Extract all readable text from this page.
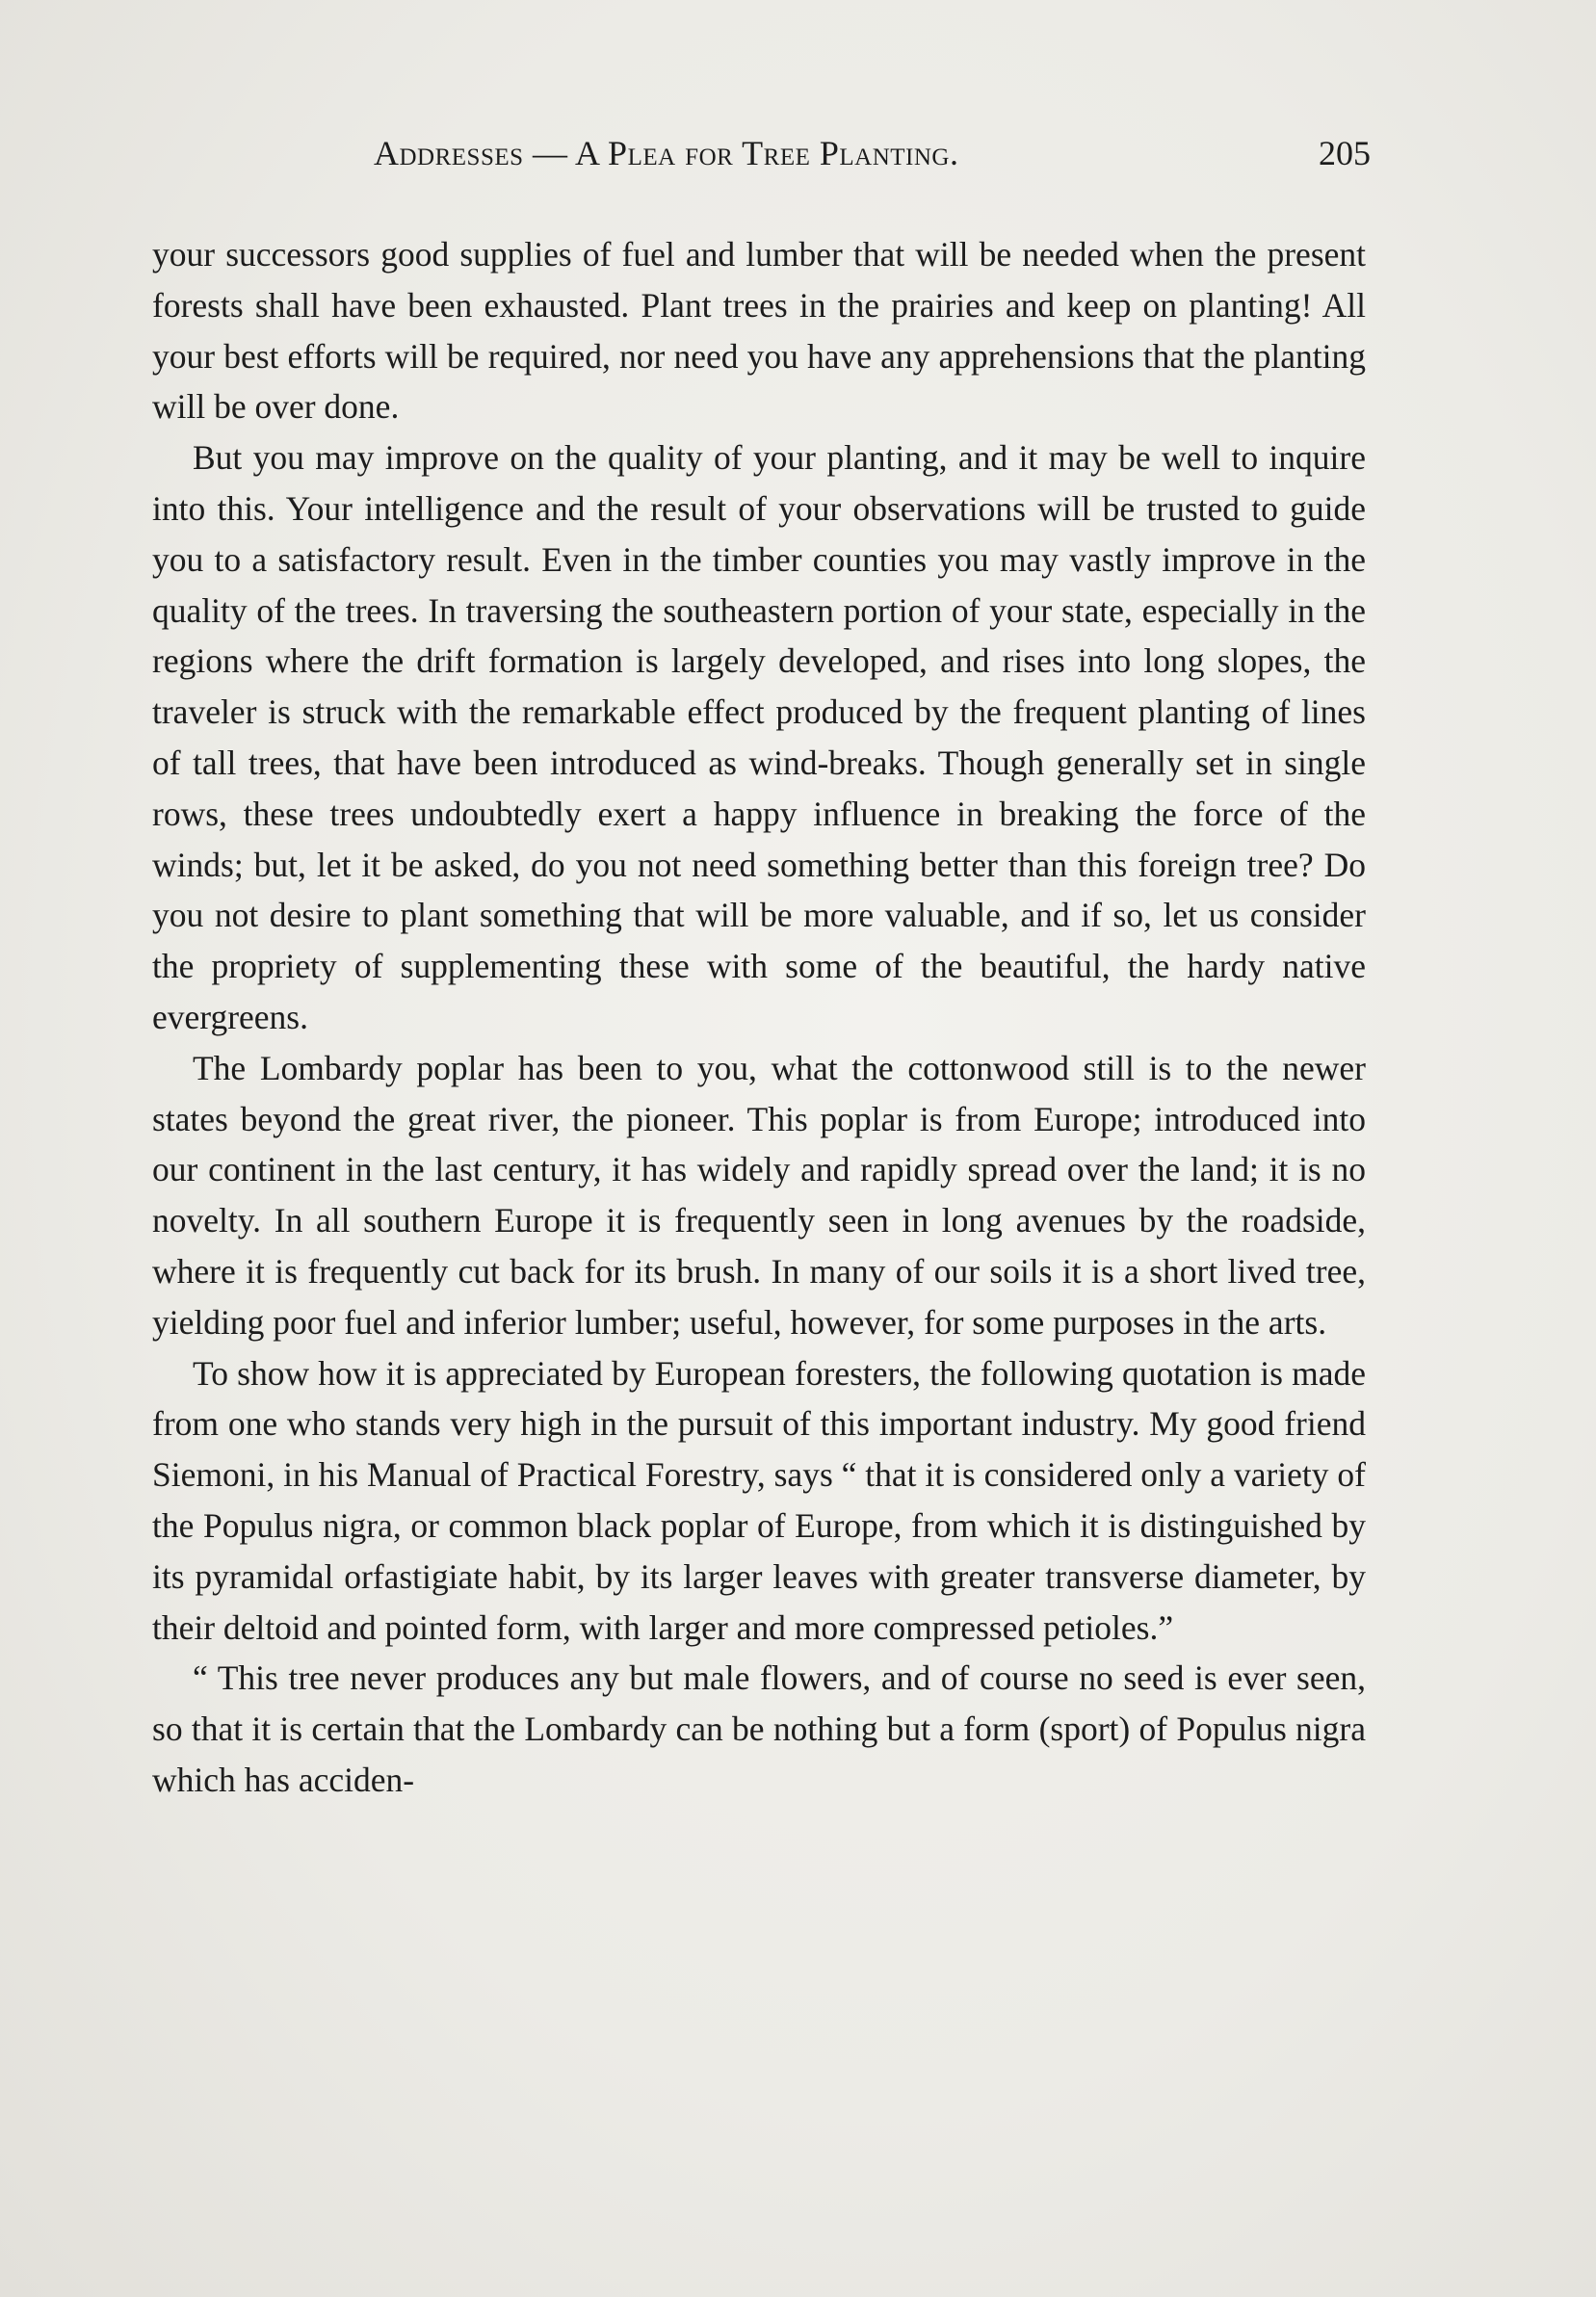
Addresses — A Plea for Tree Planting.	205

your successors good supplies of fuel and lumber that will be needed when the present forests shall have been exhausted. Plant trees in the prairies and keep on planting! All your best efforts will be required, nor need you have any apprehensions that the planting will be over done.

But you may improve on the quality of your planting, and it may be well to inquire into this. Your intelligence and the result of your observations will be trusted to guide you to a satisfactory result. Even in the timber counties you may vastly improve in the quality of the trees. In traversing the southeastern portion of your state, especially in the regions where the drift formation is largely developed, and rises into long slopes, the traveler is struck with the remarkable effect produced by the frequent planting of lines of tall trees, that have been introduced as wind-breaks. Though generally set in single rows, these trees undoubtedly exert a happy influence in breaking the force of the winds; but, let it be asked, do you not need something better than this foreign tree? Do you not desire to plant something that will be more valuable, and if so, let us consider the propriety of supplementing these with some of the beautiful, the hardy native evergreens.

The Lombardy poplar has been to you, what the cottonwood still is to the newer states beyond the great river, the pioneer. This poplar is from Europe; introduced into our continent in the last century, it has widely and rapidly spread over the land; it is no novelty. In all southern Europe it is frequently seen in long avenues by the roadside, where it is frequently cut back for its brush. In many of our soils it is a short lived tree, yielding poor fuel and inferior lumber; useful, however, for some purposes in the arts.

To show how it is appreciated by European foresters, the following quotation is made from one who stands very high in the pursuit of this important industry. My good friend Siemoni, in his Manual of Practical Forestry, says “ that it is considered only a variety of the Populus nigra, or common black poplar of Europe, from which it is distinguished by its pyramidal orfastigiate habit, by its larger leaves with greater transverse diameter, by their deltoid and pointed form, with larger and more compressed petioles.”

“ This tree never produces any but male flowers, and of course no seed is ever seen, so that it is certain that the Lombardy can be nothing but a form (sport) of Populus nigra which has acciden-
